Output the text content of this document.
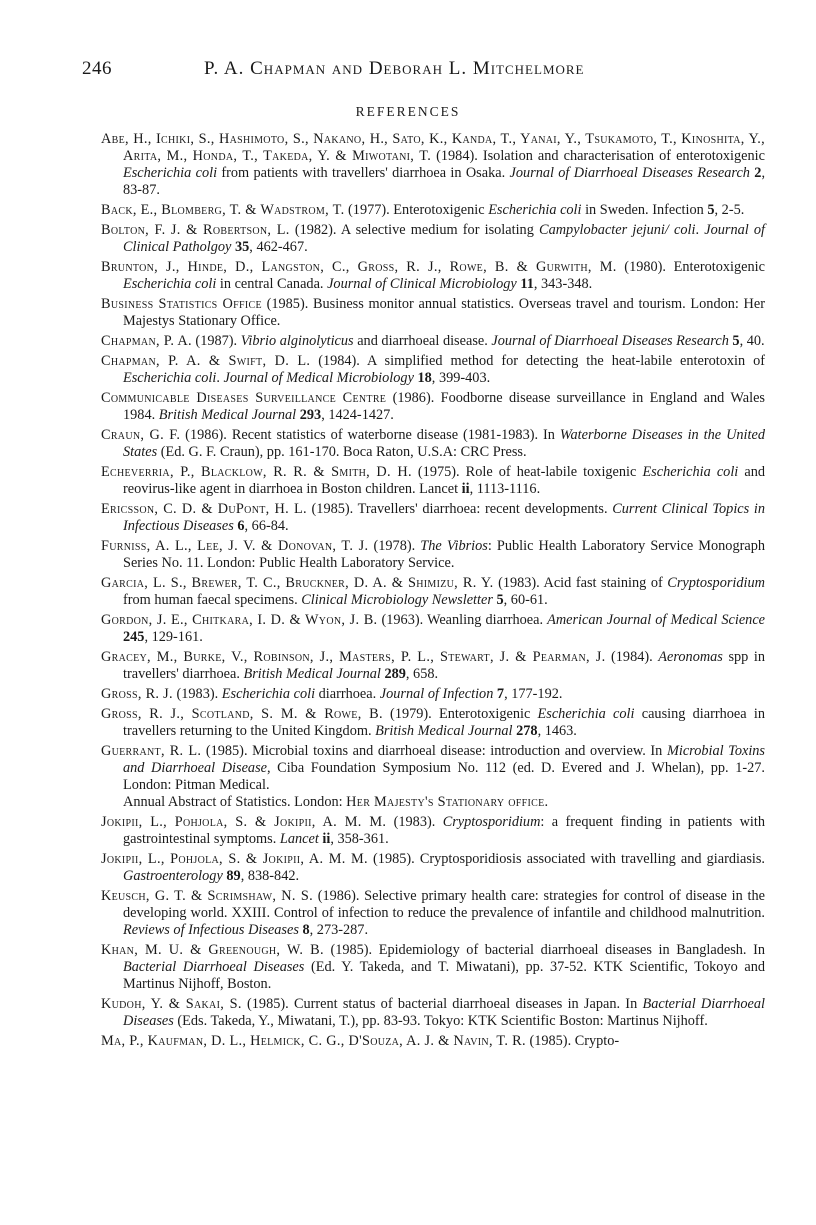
246	P. A. Chapman and Deborah L. Mitchelmore
REFERENCES

Abe, H., Ichiki, S., Hashimoto, S., Nakano, H., Sato, K., Kanda, T., Yanai, Y., Tsukamoto, T., Kinoshita, Y., Arita, M., Honda, T., Takeda, Y. & Miwotani, T. (1984). Isolation and characterisation of enterotoxigenic Escherichia coli from patients with travellers' diarrhoea in Osaka. Journal of Diarrhoeal Diseases Research 2, 83-87.

Back, E., Blomberg, T. & Wadstrom, T. (1977). Enterotoxigenic Escherichia coli in Sweden. Infection 5, 2-5.

Bolton, F. J. & Robertson, L. (1982). A selective medium for isolating Campylobacter jejuni/ coli. Journal of Clinical Patholgoy 35, 462-467.

Brunton, J., Hinde, D., Langston, C., Gross, R. J., Rowe, B. & Gurwith, M. (1980). Enterotoxigenic Escherichia coli in central Canada. Journal of Clinical Microbiology 11, 343-348.

Business Statistics Office (1985). Business monitor annual statistics. Overseas travel and tourism. London: Her Majestys Stationary Office.

Chapman, P. A. (1987). Vibrio alginolyticus and diarrhoeal disease. Journal of Diarrhoeal Diseases Research 5, 40.

Chapman, P. A. & Swift, D. L. (1984). A simplified method for detecting the heat-labile enterotoxin of Escherichia coli. Journal of Medical Microbiology 18, 399-403.

Communicable Diseases Surveillance Centre (1986). Foodborne disease surveillance in England and Wales 1984. British Medical Journal 293, 1424-1427.

Craun, G. F. (1986). Recent statistics of waterborne disease (1981-1983). In Waterborne Diseases in the United States (Ed. G. F. Craun), pp. 161-170. Boca Raton, U.S.A: CRC Press.

Echeverria, P., Blacklow, R. R. & Smith, D. H. (1975). Role of heat-labile toxigenic Escherichia coli and reovirus-like agent in diarrhoea in Boston children. Lancet ii, 1113-1116.

Ericsson, C. D. & DuPont, H. L. (1985). Travellers' diarrhoea: recent developments. Current Clinical Topics in Infectious Diseases 6, 66-84.

Furniss, A. L., Lee, J. V. & Donovan, T. J. (1978). The Vibrios: Public Health Laboratory Service Monograph Series No. 11. London: Public Health Laboratory Service.

Garcia, L. S., Brewer, T. C., Bruckner, D. A. & Shimizu, R. Y. (1983). Acid fast staining of Cryptosporidium from human faecal specimens. Clinical Microbiology Newsletter 5, 60-61.

Gordon, J. E., Chitkara, I. D. & Wyon, J. B. (1963). Weanling diarrhoea. American Journal of Medical Science 245, 129-161.

Gracey, M., Burke, V., Robinson, J., Masters, P. L., Stewart, J. & Pearman, J. (1984). Aeronomas spp in travellers' diarrhoea. British Medical Journal 289, 658.

Gross, R. J. (1983). Escherichia coli diarrhoea. Journal of Infection 7, 177-192.

Gross, R. J., Scotland, S. M. & Rowe, B. (1979). Enterotoxigenic Escherichia coli causing diarrhoea in travellers returning to the United Kingdom. British Medical Journal 278, 1463.

Guerrant, R. L. (1985). Microbial toxins and diarrhoeal disease: introduction and overview. In Microbial Toxins and Diarrhoeal Disease, Ciba Foundation Symposium No. 112 (ed. D. Evered and J. Whelan), pp. 1-27. London: Pitman Medical.

Annual Abstract of Statistics. London: Her Majesty's Stationary office.

Jokipii, L., Pohjola, S. & Jokipii, A. M. M. (1983). Cryptosporidium: a frequent finding in patients with gastrointestinal symptoms. Lancet ii, 358-361.

Jokipii, L., Pohjola, S. & Jokipii, A. M. M. (1985). Cryptosporidiosis associated with travelling and giardiasis. Gastroenterology 89, 838-842.

Keusch, G. T. & Scrimshaw, N. S. (1986). Selective primary health care: strategies for control of disease in the developing world. XXIII. Control of infection to reduce the prevalence of infantile and childhood malnutrition. Reviews of Infectious Diseases 8, 273-287.

Khan, M. U. & Greenough, W. B. (1985). Epidemiology of bacterial diarrhoeal diseases in Bangladesh. In Bacterial Diarrhoeal Diseases (Ed. Y. Takeda, and T. Miwatani), pp. 37-52. KTK Scientific, Tokoyo and Martinus Nijhoff, Boston.

Kudoh, Y. & Sakai, S. (1985). Current status of bacterial diarrhoeal diseases in Japan. In Bacterial Diarrhoeal Diseases (Eds. Takeda, Y., Miwatani, T.), pp. 83-93. Tokyo: KTK Scientific Boston: Martinus Nijhoff.

Ma, P., Kaufman, D. L., Helmick, C. G., D'Souza, A. J. & Navin, T. R. (1985). Crypto-
